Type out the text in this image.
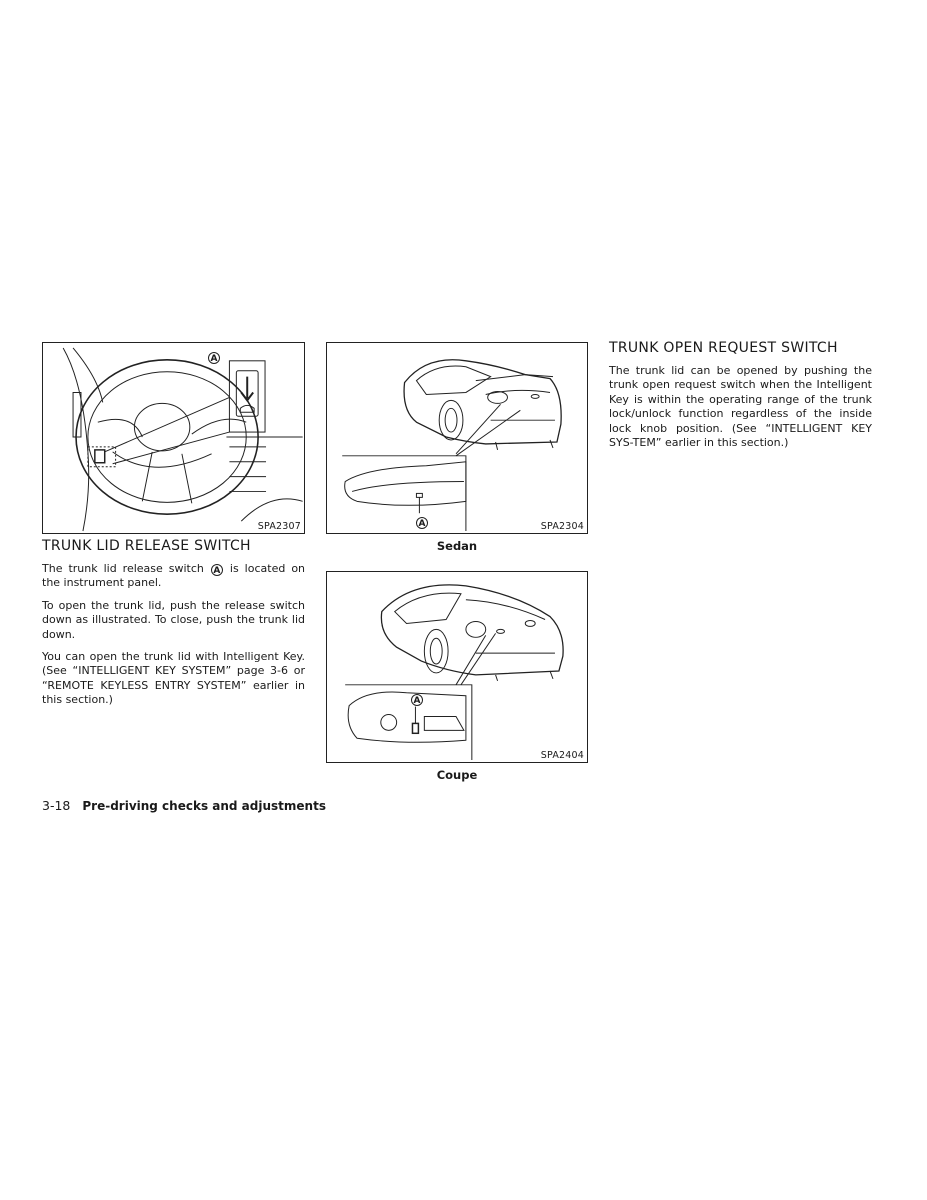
A
SPA2307	A	SPA2304
Sedan
A
SPA2404
Coupe
TRUNK LID RELEASE SWITCH

The trunk lid release switch A is located on the instrument panel.

To open the trunk lid, push the release switch down as illustrated. To close, push the trunk lid down.

You can open the trunk lid with Intelligent Key. (See “INTELLIGENT KEY SYSTEM” page 3-6 or “REMOTE KEYLESS ENTRY SYSTEM” earlier in this section.)

TRUNK OPEN REQUEST SWITCH

The trunk lid can be opened by pushing the trunk open request switch when the Intelligent Key is within the operating range of the trunk lock/unlock function regardless of the inside lock knob position. (See “INTELLIGENT KEY SYS-TEM” earlier in this section.)

3-18 Pre-driving checks and adjustments
